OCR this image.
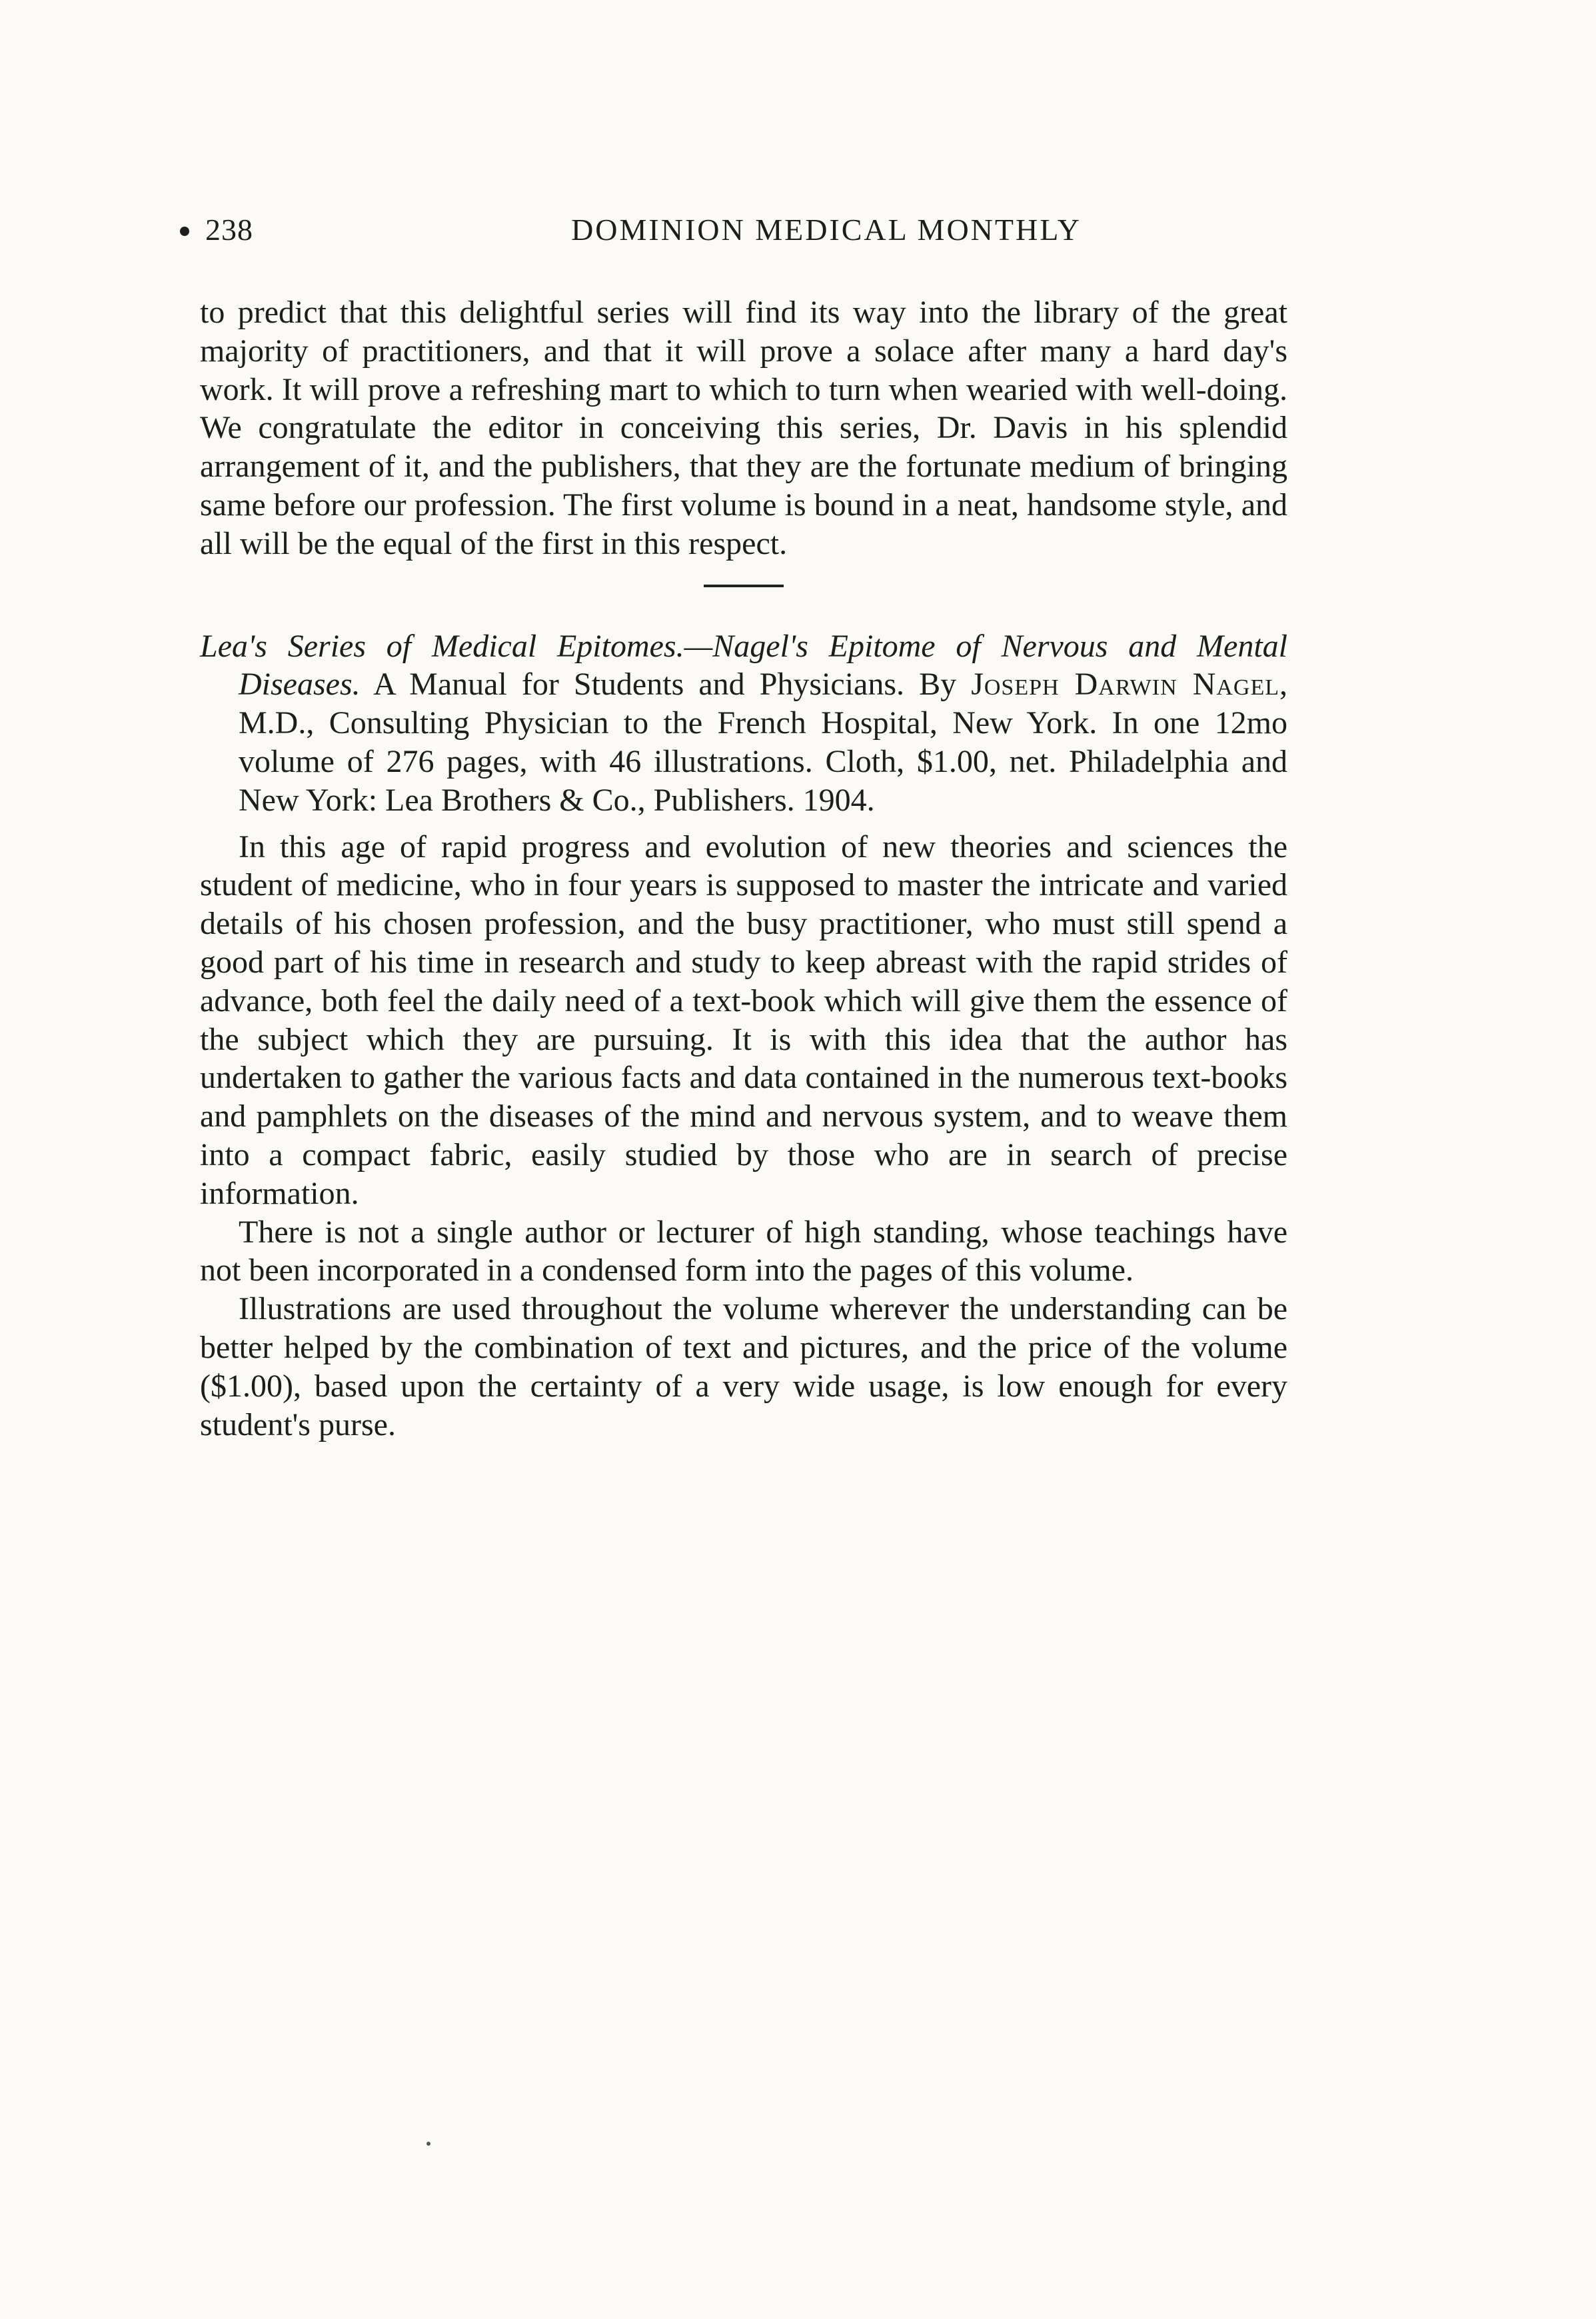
238	DOMINION MEDICAL MONTHLY

to predict that this delightful series will find its way into the library of the great majority of practitioners, and that it will prove a solace after many a hard day's work. It will prove a refreshing mart to which to turn when wearied with well-doing. We congratulate the editor in conceiving this series, Dr. Davis in his splendid arrangement of it, and the publishers, that they are the fortunate medium of bringing same before our profession. The first volume is bound in a neat, handsome style, and all will be the equal of the first in this respect.

Lea's Series of Medical Epitomes.—Nagel's Epitome of Nervous and Mental Diseases. A Manual for Students and Physicians. By Joseph Darwin Nagel, M.D., Consulting Physician to the French Hospital, New York. In one 12mo volume of 276 pages, with 46 illustrations. Cloth, $1.00, net. Philadelphia and New York: Lea Brothers & Co., Publishers. 1904.

In this age of rapid progress and evolution of new theories and sciences the student of medicine, who in four years is supposed to master the intricate and varied details of his chosen profession, and the busy practitioner, who must still spend a good part of his time in research and study to keep abreast with the rapid strides of advance, both feel the daily need of a text-book which will give them the essence of the subject which they are pursuing. It is with this idea that the author has undertaken to gather the various facts and data contained in the numerous text-books and pamphlets on the diseases of the mind and nervous system, and to weave them into a compact fabric, easily studied by those who are in search of precise information.

There is not a single author or lecturer of high standing, whose teachings have not been incorporated in a condensed form into the pages of this volume.

Illustrations are used throughout the volume wherever the understanding can be better helped by the combination of text and pictures, and the price of the volume ($1.00), based upon the certainty of a very wide usage, is low enough for every student's purse.
